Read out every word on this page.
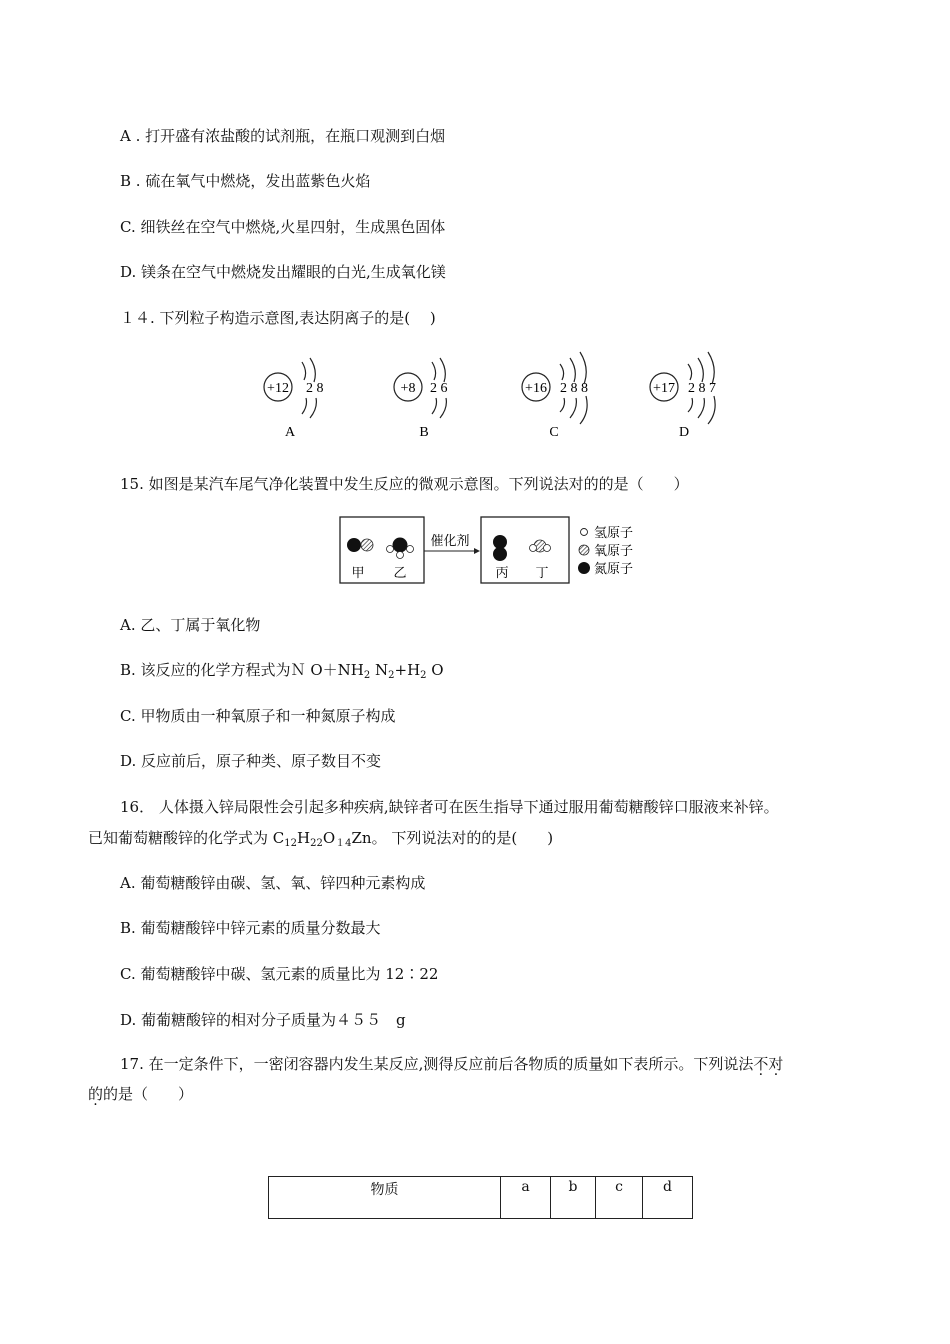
A . 打开盛有浓盐酸的试剂瓶，在瓶口观测到白烟
B . 硫在氧气中燃烧，发出蓝紫色火焰
C. 细铁丝在空气中燃烧,火星四射，生成黑色固体
D. 镁条在空气中燃烧发出耀眼的白光,生成氧化镁
１４. 下列粒子构造示意图,表达阴离子的是(　 )
+12 2 8
A
+8 2 6
B
+16 2 8 8
C
+17 2 8 7
D
15. 如图是某汽车尾气净化装置中发生反应的微观示意图。下列说法对的的是（　　）
甲 乙
催化剂
丙 丁
氢原子
氧原子
氮原子
A. 乙、丁属于氧化物
B. 该反应的化学方程式为Ｎ $O+NH_2$ $N_2+H_2$ O
C. 甲物质由一种氧原子和一种氮原子构成
D. 反应前后，原子种类、原子数目不变
16． 人体摄入锌局限性会引起多种疾病,缺锌者可在医生指导下通过服用葡萄糖酸锌口服液来补锌。
已知葡萄糖酸锌的化学式为 $C_{12}H_{22}O_{14}Zn$。 下列说法对的的是(　　)
A. 葡萄糖酸锌由碳、氢、氧、锌四种元素构成
B. 葡萄糖酸锌中锌元素的质量分数最大
C. 葡萄糖酸锌中碳、氢元素的质量比为 12∶22
D. 葡葡糖酸锌的相对分子质量为４５５　g
17. 在一定条件下，一密闭容器内发生某反应,测得反应前后各物质的质量如下表所示。下列说法不对
的的是（　　）
物质	a	b	c	d
